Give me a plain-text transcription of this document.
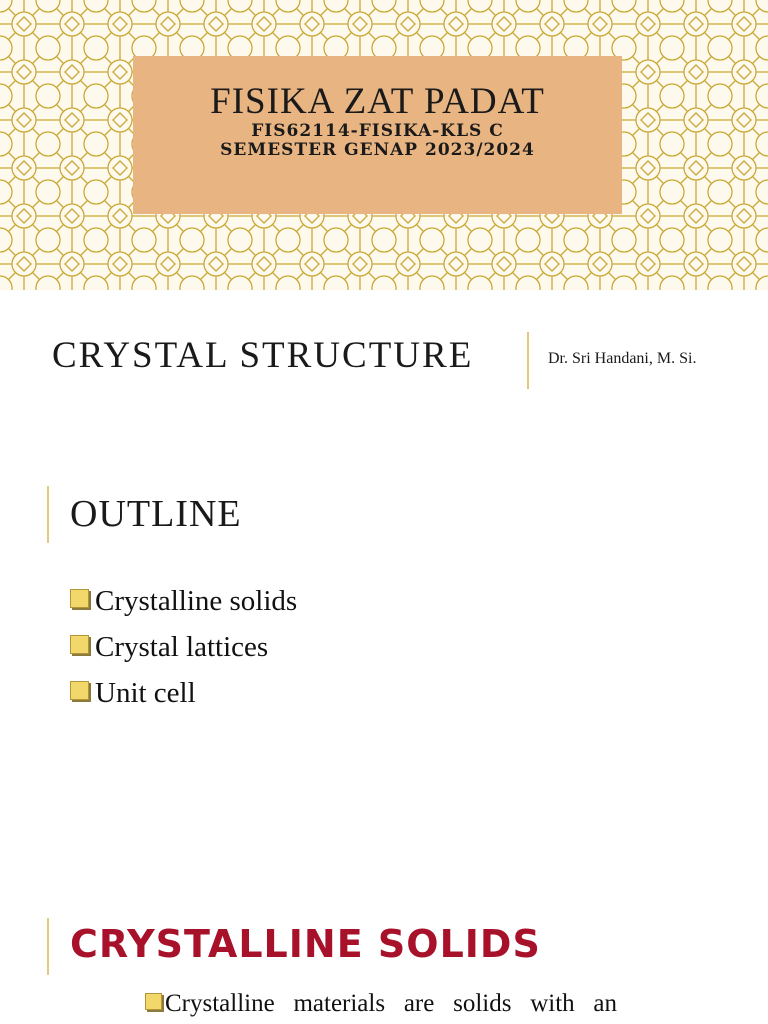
FISIKA ZAT PADAT
FIS62114-FISIKA-KLS C
SEMESTER GENAP 2023/2024
CRYSTAL STRUCTURE	Dr. Sri Handani, M. Si.
OUTLINE
Crystalline solids
Crystal lattices
Unit cell
CRYSTALLINE SOLIDS
Crystalline materials are solids with an
